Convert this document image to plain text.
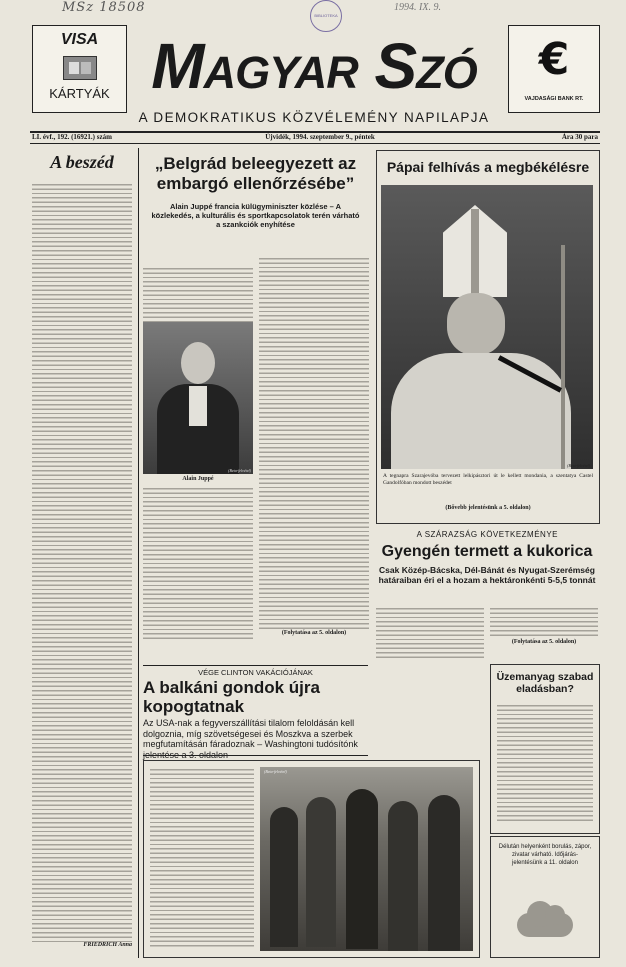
MSz 18508
BIBLIOTEKA
1994. IX. 9.
VISA
KÁRTYÁK Magyar Szó
A DEMOKRATIKUS KÖZVÉLEMÉNY NAPILAPJA
€
VAJDASÁGI BANK RT.
LI. évf., 192. (16921.) szám	Újvidék, 1994. szeptember 9., péntek	Ára 30 para
A beszéd
FRIEDRICH Anna
„Belgrád beleegyezett az embargó ellenőrzésébe”
Alain Juppé francia külügyminiszter közlése – A közlekedés, a kulturális és sportkapcsolatok terén várható a szankciók enyhítése
(Beta-felvétel)
Alain Juppé
(Folytatása az 5. oldalon)
Pápai felhívás a megbékélésre
(Beta-felvétel)
A tegnapra Szarajevóba tervezett lelkipásztori út le kellett mondania, a szentatya Castel Gandolfóban mondott beszédet
(Bővebb jelentésünk a 5. oldalon)
A SZÁRAZSÁG KÖVETKEZMÉNYE
Gyengén termett a kukorica
Csak Közép-Bácska, Dél-Bánát és Nyugat-Szerémség határaiban éri el a hozam a hektáronkénti 5-5,5 tonnát
(Folytatása az 5. oldalon)
VÉGE CLINTON VAKÁCIÓJÁNAK
A balkáni gondok újra kopogtatnak
Az USA-nak a fegyverszállítási tilalom feloldásán kell dolgoznia, míg szövetségesei és Moszkva a szerbek megfutamításán fáradoznak – Washingtoni tudósítónk
(Beta-felvétel)
Üzemanyag szabad eladásban?
Délután helyenként borulás, zápor, zivatar várható. Időjárás-jelentésünk a 11. oldalon
